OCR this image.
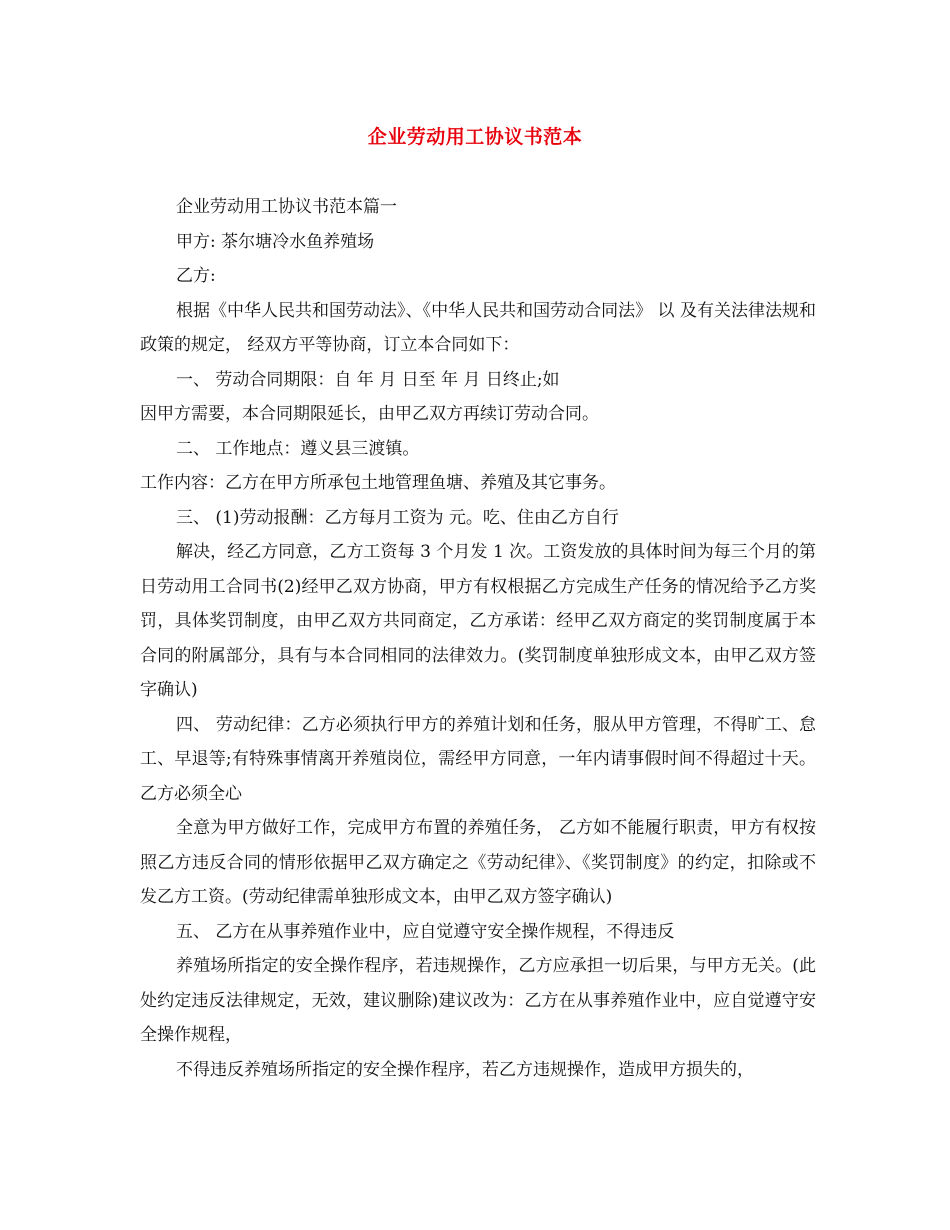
企业劳动用工协议书范本

企业劳动用工协议书范本篇一

甲方: 茶尔塘冷水鱼养殖场

乙方:

根据《中华人民共和国劳动法》、《中华人民共和国劳动合同法》 以 及有关法律法规和政策的规定， 经双方平等协商，订立本合同如下：

一、 劳动合同期限：自 年 月 日至 年 月 日终止;如

因甲方需要，本合同期限延长，由甲乙双方再续订劳动合同。

二、 工作地点：遵义县三渡镇。

工作内容：乙方在甲方所承包土地管理鱼塘、养殖及其它事务。

三、 (1)劳动报酬：乙方每月工资为 元。吃、住由乙方自行

解决，经乙方同意，乙方工资每 3 个月发 1 次。工资发放的具体时间为每三个月的第 日劳动用工合同书(2)经甲乙双方协商，甲方有权根据乙方完成生产任务的情况给予乙方奖罚，具体奖罚制度，由甲乙双方共同商定，乙方承诺：经甲乙双方商定的奖罚制度属于本合同的附属部分，具有与本合同相同的法律效力。(奖罚制度单独形成文本，由甲乙双方签字确认)

四、 劳动纪律：乙方必须执行甲方的养殖计划和任务，服从甲方管理，不得旷工、怠工、早退等;有特殊事情离开养殖岗位，需经甲方同意，一年内请事假时间不得超过十天。乙方必须全心

全意为甲方做好工作，完成甲方布置的养殖任务， 乙方如不能履行职责，甲方有权按照乙方违反合同的情形依据甲乙双方确定之《劳动纪律》、《奖罚制度》的约定，扣除或不发乙方工资。(劳动纪律需单独形成文本，由甲乙双方签字确认)

五、 乙方在从事养殖作业中，应自觉遵守安全操作规程，不得违反

养殖场所指定的安全操作程序，若违规操作，乙方应承担一切后果，与甲方无关。(此处约定违反法律规定，无效，建议删除)建议改为：乙方在从事养殖作业中，应自觉遵守安全操作规程，

不得违反养殖场所指定的安全操作程序，若乙方违规操作，造成甲方损失的，
